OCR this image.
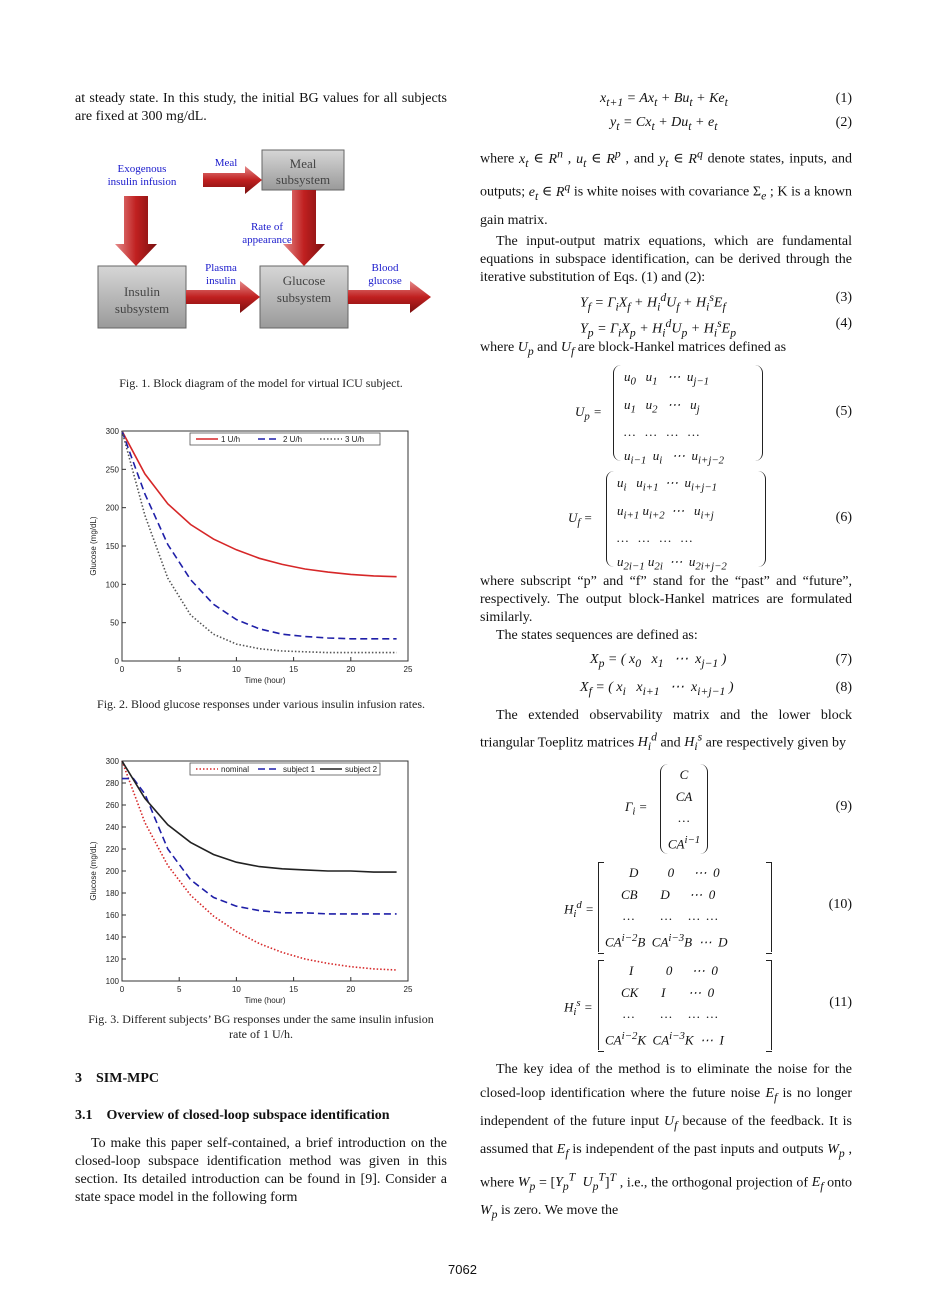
at steady state. In this study, the initial BG values for all subjects are fixed at 300 mg/dL.

Exogenous
insulin infusion
Meal	Meal
subsystem
Rate of
appearance
Plasma
insulin
Blood
glucose
Insulin
subsystem
Glucose
subsystem
Fig. 1. Block diagram of the model for virtual ICU subject.
0	5	10	15	20	25
0
50
100
150
200
250
300
Time (hour)
Glucose (mg/dL)
1 U/h	2 U/h	3 U/h
Fig. 2. Blood glucose responses under various insulin infusion rates.
0	5	10	15	20	25
100
120
140
160
180
200
220
240
260
280
300
Time (hour)
Glucose (mg/dL)
nominal	subject 1	subject 2
Fig. 3. Different subjects’ BG responses under the same insulin infusion rate of 1 U/h.
3 SIM-MPC
3.1 Overview of closed-loop subspace identification

To make this paper self-contained, a brief introduction on the closed-loop subspace identification method was given in this section. Its detailed introduction can be found in [9]. Consider a state space model in the following form

$x_{t+1} = Ax_t + Bu_t + Ke_t$	(1)
$y_t = Cx_t + Du_t + e_t$	(2)

where $x_t$ ∈ $R^n$ , $u_t$ ∈ $R^p$ , and $y_t$ ∈ $R^q$ denote states, inputs, and outputs; $e_t$ ∈ $R^q$ is white noises with covariance $\Sigma_e$ ; K is a known gain matrix.

The input-output matrix equations, which are fundamental equations in subspace identification, can be derived through the iterative substitution of Eqs. (1) and (2):

$Y_f = \Gamma_iX_f + H_i^dU_f + H_i^sE_f$
(3)
$Y_p = \Gamma_iX_p + H_i^dU_p + H_i^sE_p$
(4)

where $U_p$ and $U_f$ are block-Hankel matrices defined as

$U_p$ =
$u_0$   $u_1$   ⋯  $u_{j-1}$
$u_1$   $u_2$   ⋯   $u_j$
…   …   …   …
$u_{i-1}$  $u_i$   ⋯  $u_{i+j-2}$
(5)
$U_f$ =
$u_i$   $u_{i+1}$  ⋯  $u_{i+j-1}$
$u_{i+1}$ $u_{i+2}$  ⋯   $u_{i+j}$
…   …   …   …
$u_{2i-1}$ $u_{2i}$  ⋯  $u_{2i+j-2}$
(6)

where subscript “p” and “f” stand for the “past” and “future”, respectively. The output block-Hankel matrices are formulated similarly.

The states sequences are defined as:

$X_p$ = ( $x_0$   $x_1$   ⋯  $x_{j-1}$ )	(7)
$X_f$ = ( $x_i$   $x_{i+1}$   ⋯  $x_{i+j-1}$ )	(8)

The extended observability matrix and the lower block triangular Toeplitz matrices $H_i^d$ and $H_i^s$ are respectively given by

$\Gamma_i$ =
C
CA
…
$CA^{i-1}$
(9)
$H_i^d$ =
D         0      ⋯  0
CB       D      ⋯  0
…        …     …  …
$CA^{i-2}B$  $CA^{i-3}B$  ⋯  D
(10)
$H_i^s$ =
I          0      ⋯  0
CK       I       ⋯  0
…        …     …  …
$CA^{i-2}K$  $CA^{i-3}K$  ⋯  I
(11)

The key idea of the method is to eliminate the noise for the closed-loop identification where the future noise $E_f$ is no longer independent of the future input $U_f$ because of the feedback. It is assumed that $E_f$ is independent of the past inputs and outputs $W_p$ , where $W_p = [Y_p^T$ $U_p^T]^T$ , i.e., the orthogonal projection of $E_f$ onto $W_p$ is zero. We move the

7062
